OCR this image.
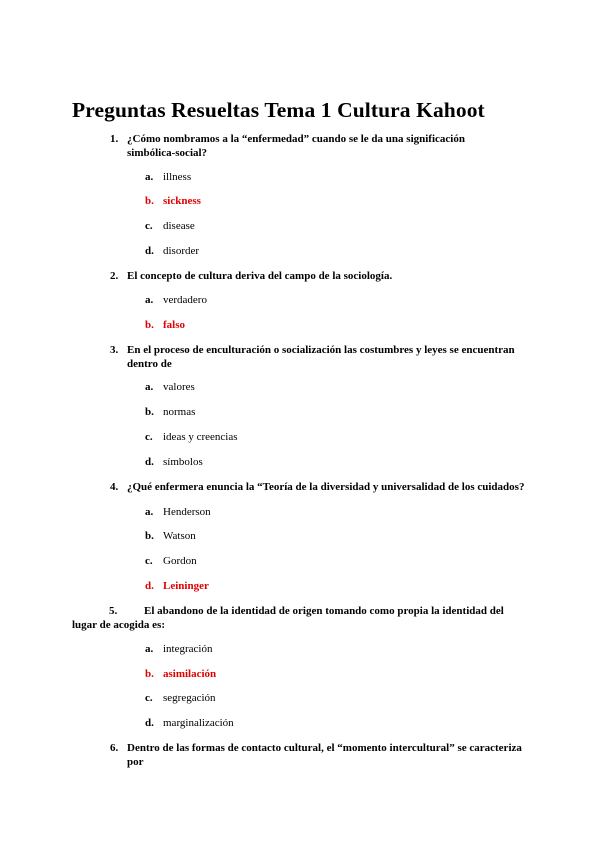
Preguntas Resueltas Tema 1 Cultura Kahoot
1. ¿Cómo nombramos a la “enfermedad” cuando se le da una significación simbólica-social?
a. illness
b. sickness
c. disease
d. disorder
2. El concepto de cultura deriva del campo de la sociología.
a. verdadero
b. falso
3. En el proceso de enculturación o socialización las costumbres y leyes se encuentran dentro de
a. valores
b. normas
c. ideas y creencias
d. símbolos
4. ¿Qué enfermera enuncia la “Teoría de la diversidad y universalidad de los cuidados?
a. Henderson
b. Watson
c. Gordon
d. Leininger
5.	El abandono de la identidad de origen tomando como propia la identidad del lugar de acogida es:
a. integración
b. asimilación
c. segregación
d. marginalización
6. Dentro de las formas de contacto cultural, el “momento intercultural” se caracteriza por
